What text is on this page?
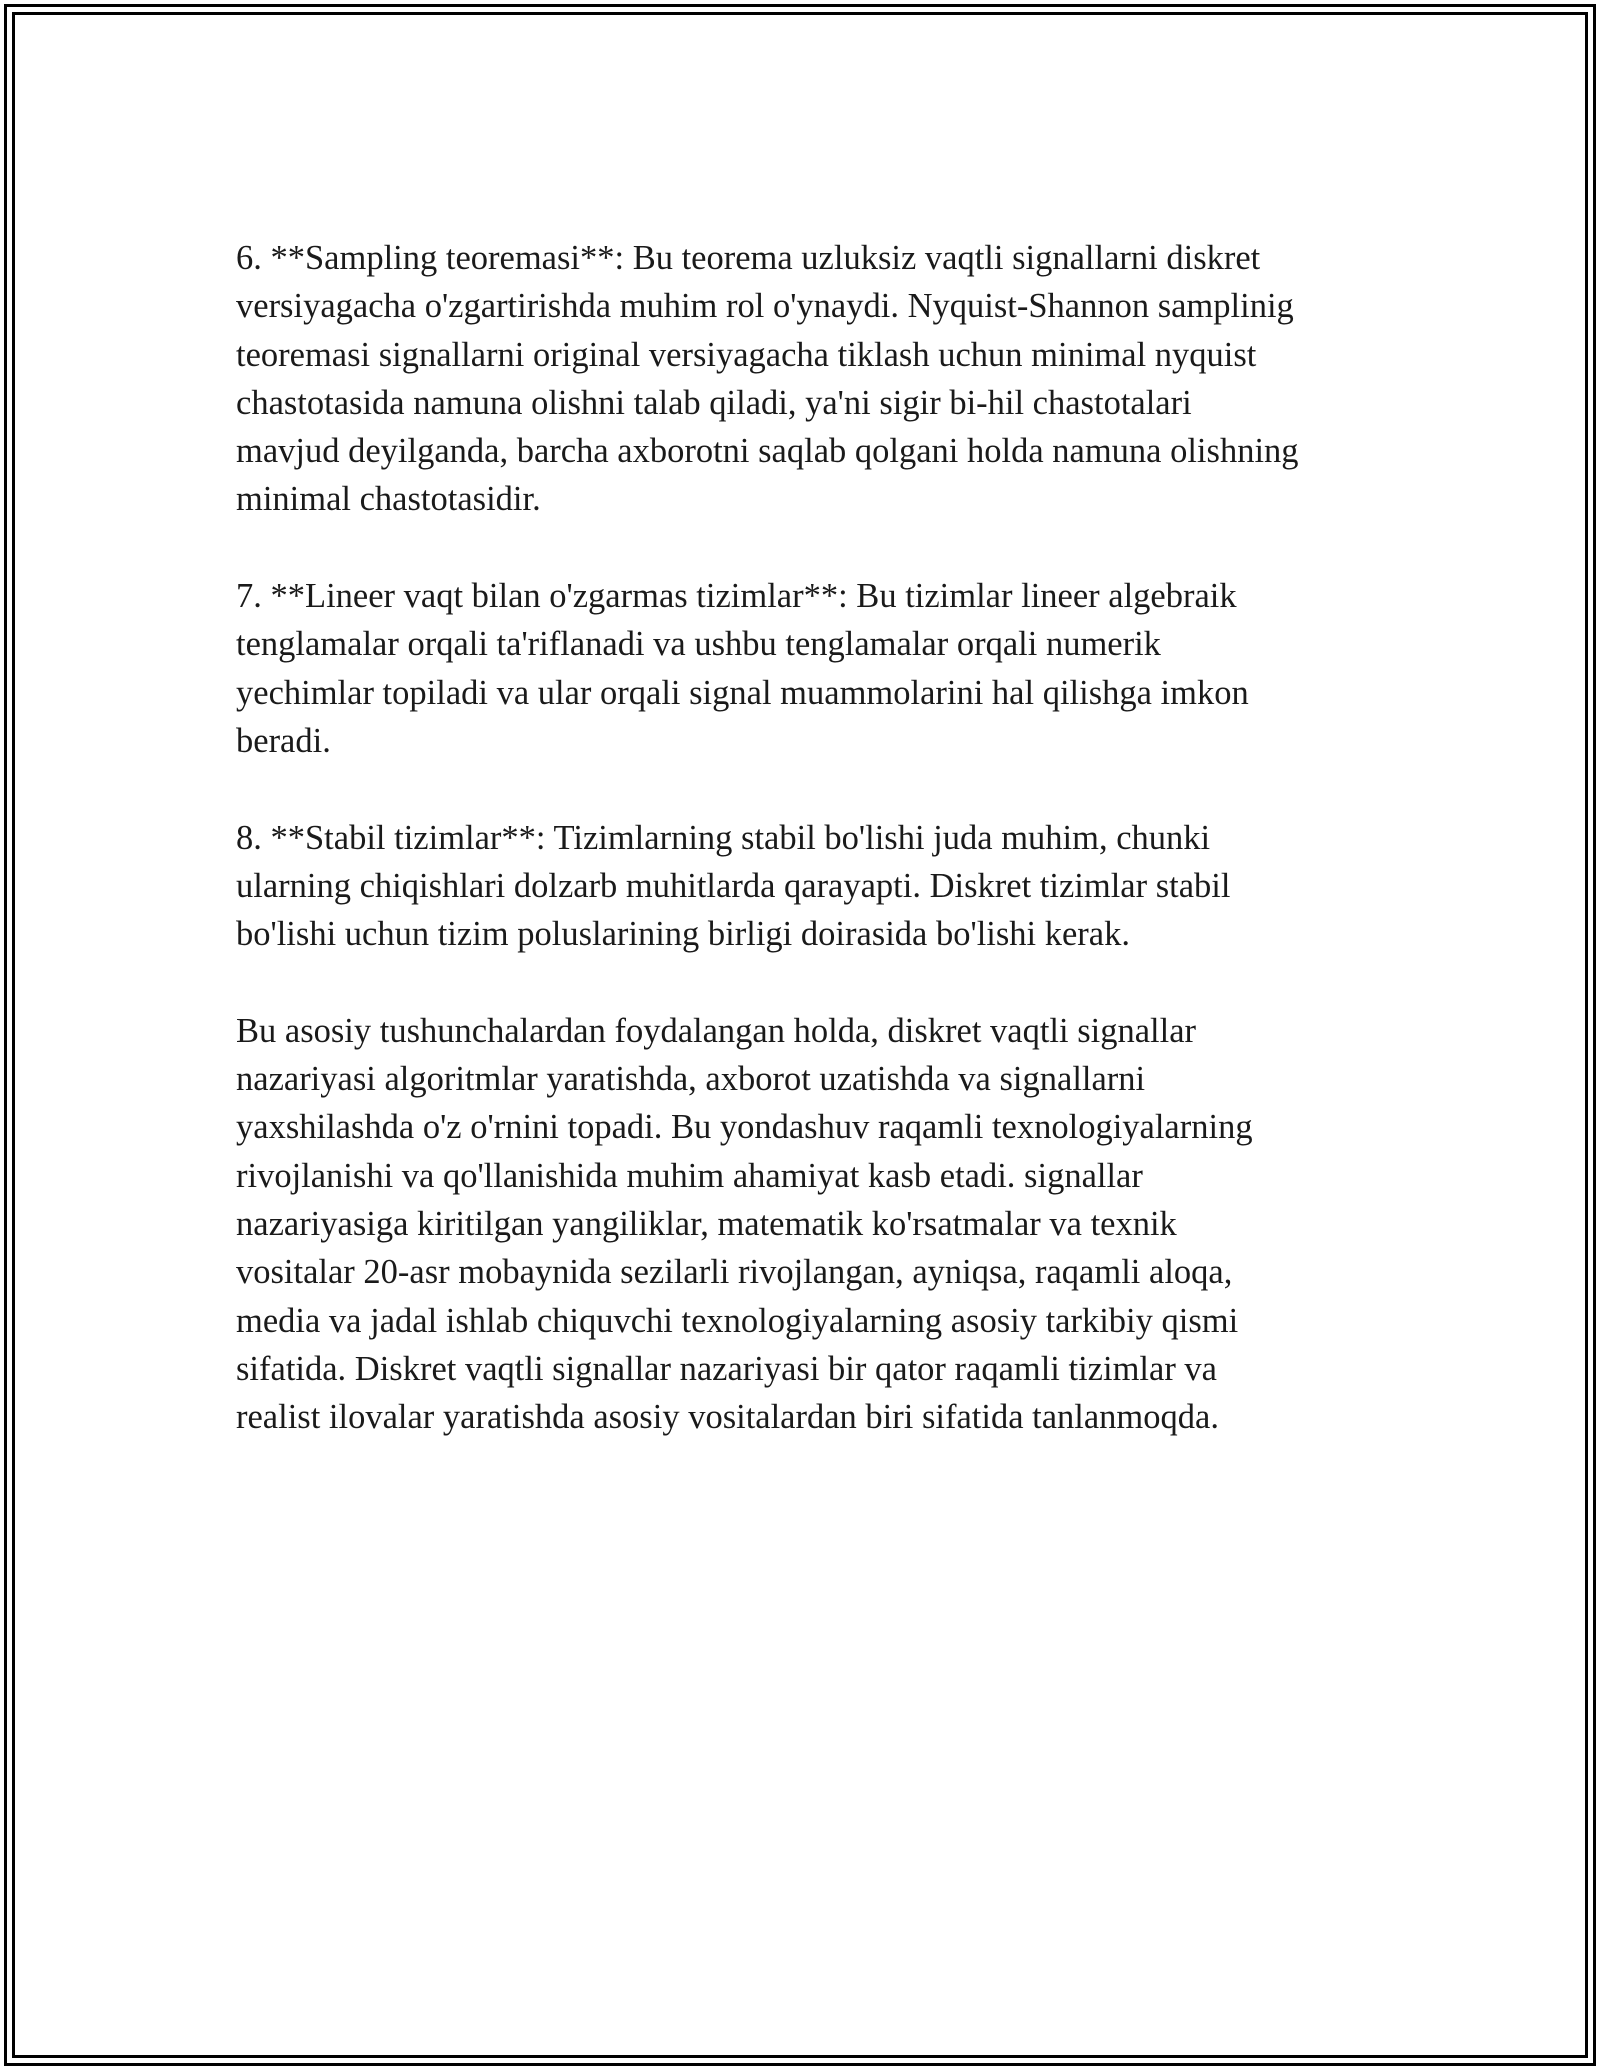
6. **Sampling teoremasi**: Bu teorema uzluksiz vaqtli signallarni diskret
versiyagacha o'zgartirishda muhim rol o'ynaydi. Nyquist-Shannon samplinig
teoremasi signallarni original versiyagacha tiklash uchun minimal nyquist
chastotasida namuna olishni talab qiladi, ya'ni sigir bi-hil chastotalari
mavjud deyilganda, barcha axborotni saqlab qolgani holda namuna olishning
minimal chastotasidir.

7. **Lineer vaqt bilan o'zgarmas tizimlar**: Bu tizimlar lineer algebraik
tenglamalar orqali ta'riflanadi va ushbu tenglamalar orqali numerik
yechimlar topiladi va ular orqali signal muammolarini hal qilishga imkon
beradi.

8. **Stabil tizimlar**: Tizimlarning stabil bo'lishi juda muhim, chunki
ularning chiqishlari dolzarb muhitlarda qarayapti. Diskret tizimlar stabil
bo'lishi uchun tizim poluslarining birligi doirasida bo'lishi kerak.

Bu asosiy tushunchalardan foydalangan holda, diskret vaqtli signallar
nazariyasi algoritmlar yaratishda, axborot uzatishda va signallarni
yaxshilashda o'z o'rnini topadi. Bu yondashuv raqamli texnologiyalarning
rivojlanishi va qo'llanishida muhim ahamiyat kasb etadi. signallar
nazariyasiga kiritilgan yangiliklar, matematik ko'rsatmalar va texnik
vositalar 20-asr mobaynida sezilarli rivojlangan, ayniqsa, raqamli aloqa,
media va jadal ishlab chiquvchi texnologiyalarning asosiy tarkibiy qismi
sifatida. Diskret vaqtli signallar nazariyasi bir qator raqamli tizimlar va
realist ilovalar yaratishda asosiy vositalardan biri sifatida tanlanmoqda.
